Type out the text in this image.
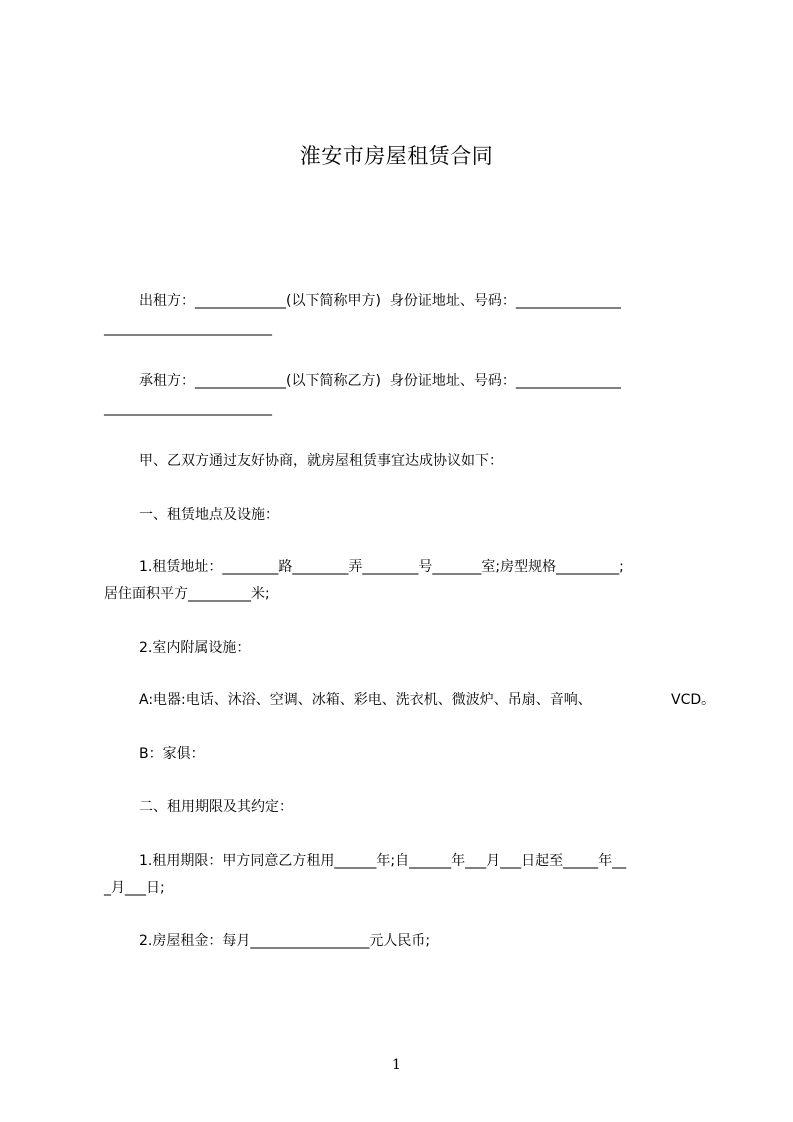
淮安市房屋租赁合同
出租方：_____________(以下简称甲方)  身份证地址、号码：_______________
________________________
承租方：_____________(以下简称乙方)  身份证地址、号码：_______________
________________________
甲、乙双方通过友好协商，就房屋租赁事宜达成协议如下：
一、租赁地点及设施：
1.租赁地址：________路________弄________号_______室;房型规格_________;
居住面积平方_________米;
2.室内附属设施：
A:电器:电话、沐浴、空调、冰箱、彩电、洗衣机、微波炉、吊扇、音响、	VCD。
B：家俱：
二、租用期限及其约定：
1.租用期限：甲方同意乙方租用______年;自______年___月___日起至_____年__
_月___日;
2.房屋租金：每月_________________元人民币;
1
